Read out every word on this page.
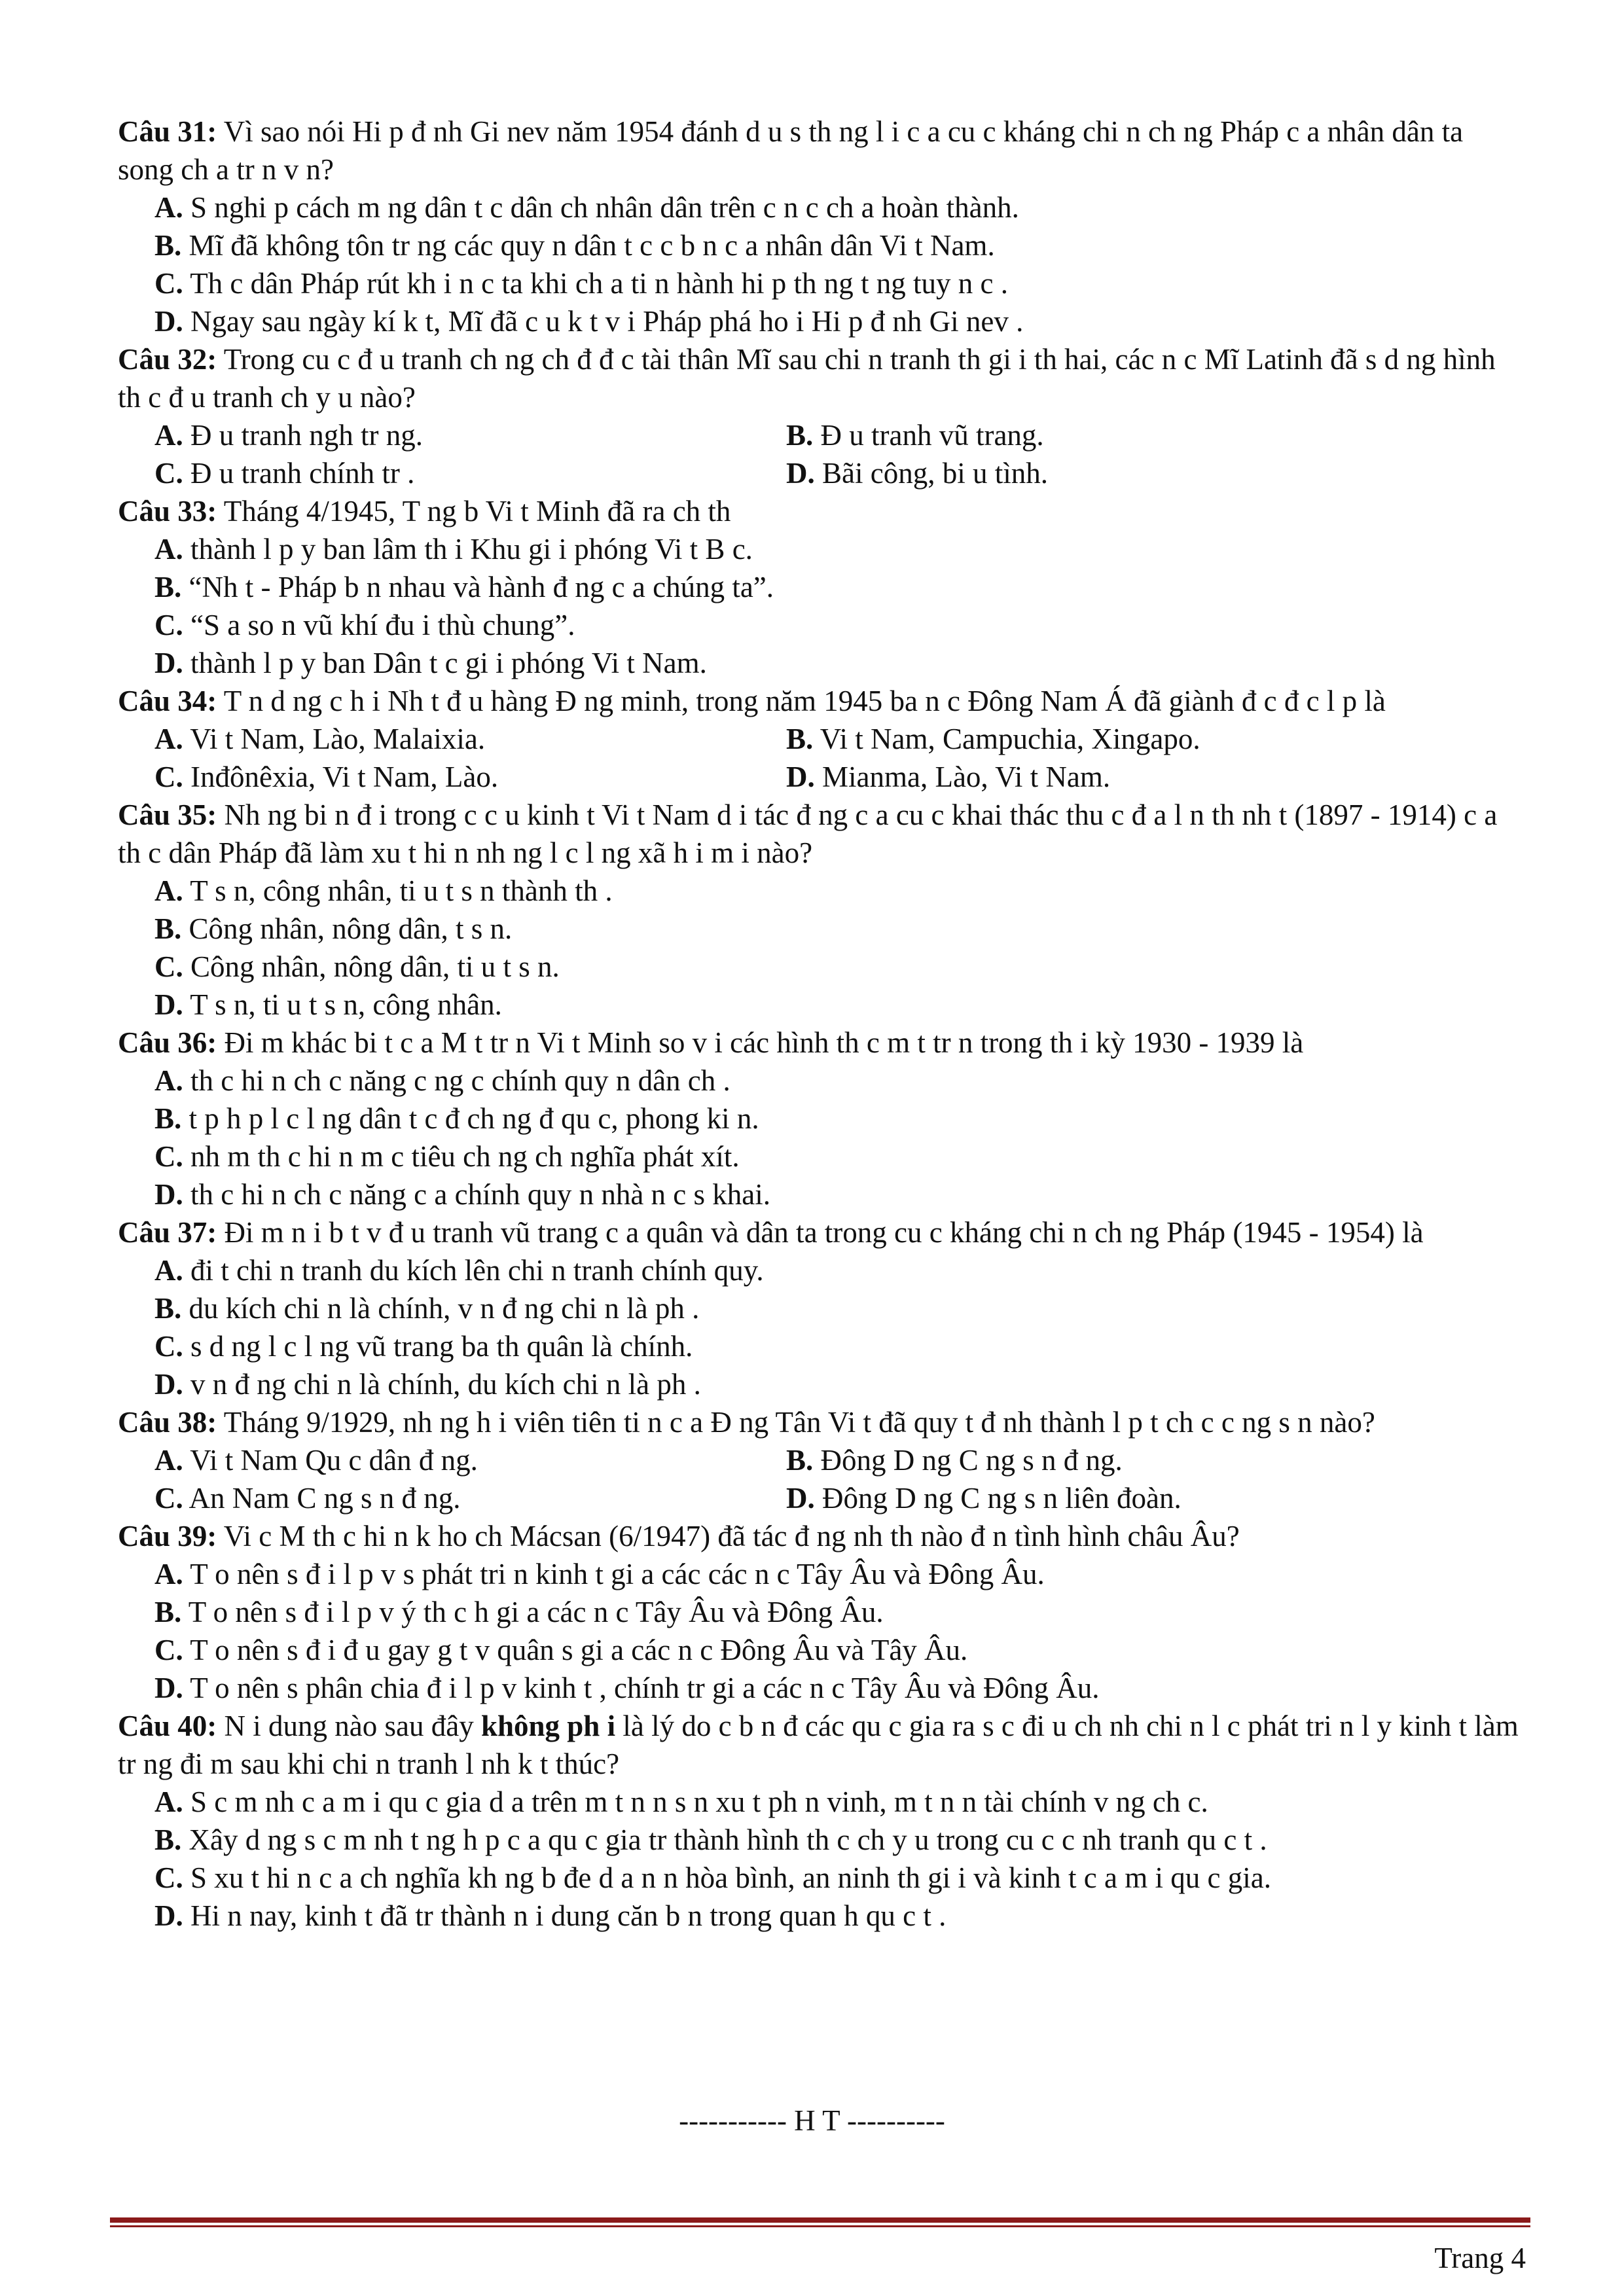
Câu 31: Vì sao nói Hi p đ nh Gi nev năm 1954 đánh d u s th ng l i c a cu c kháng chi n ch ng Pháp c a nhân dân ta song ch a tr n v n?

A. S nghi p cách m ng dân t c dân ch nhân dân trên c n c ch a hoàn thành.

B. Mĩ đã không tôn tr ng các quy n dân t c c b n c a nhân dân Vi t Nam.

C. Th c dân Pháp rút kh i n c ta khi ch a ti n hành hi p th ng t ng tuy n c .

D. Ngay sau ngày kí k t, Mĩ đã c u k t v i Pháp phá ho i Hi p đ nh Gi nev .

Câu 32: Trong cu c đ u tranh ch ng ch đ đ c tài thân Mĩ sau chi n tranh th gi i th hai, các n c Mĩ Latinh đã s d ng hình th c đ u tranh ch y u nào?

A. Đ u tranh ngh tr ng.	B. Đ u tranh vũ trang.
C. Đ u tranh chính tr .	D. Bãi công, bi u tình.

Câu 33: Tháng 4/1945, T ng b Vi t Minh đã ra ch th

A. thành l p y ban lâm th i Khu gi i phóng Vi t B c.

B. “Nh t - Pháp b n nhau và hành đ ng c a chúng ta”.

C. “S a so n vũ khí đu i thù chung”.

D. thành l p y ban Dân t c gi i phóng Vi t Nam.

Câu 34: T n d ng c h i Nh t đ u hàng Đ ng minh, trong năm 1945 ba n c Đông Nam Á đã giành đ c đ c l p là

A. Vi t Nam, Lào, Malaixia.	B. Vi t Nam, Campuchia, Xingapo.
C. Inđônêxia, Vi t Nam, Lào.	D. Mianma, Lào, Vi t Nam.

Câu 35: Nh ng bi n đ i trong c c u kinh t Vi t Nam d i tác đ ng c a cu c khai thác thu c đ a l n th nh t (1897 - 1914) c a th c dân Pháp đã làm xu t hi n nh ng l c l ng xã h i m i nào?

A. T s n, công nhân, ti u t s n thành th .

B. Công nhân, nông dân, t s n.

C. Công nhân, nông dân, ti u t s n.

D. T s n, ti u t s n, công nhân.

Câu 36: Đi m khác bi t c a M t tr n Vi t Minh so v i các hình th c m t tr n trong th i kỳ 1930 - 1939 là

A. th c hi n ch c năng c ng c chính quy n dân ch .

B. t p h p l c l ng dân t c đ ch ng đ qu c, phong ki n.

C. nh m th c hi n m c tiêu ch ng ch nghĩa phát xít.

D. th c hi n ch c năng c a chính quy n nhà n c s khai.

Câu 37: Đi m n i b t v đ u tranh vũ trang c a quân và dân ta trong cu c kháng chi n ch ng Pháp (1945 - 1954) là

A. đi t chi n tranh du kích lên chi n tranh chính quy.

B. du kích chi n là chính, v n đ ng chi n là ph .

C. s d ng l c l ng vũ trang ba th quân là chính.

D. v n đ ng chi n là chính, du kích chi n là ph .

Câu 38: Tháng 9/1929, nh ng h i viên tiên ti n c a Đ ng Tân Vi t đã quy t đ nh thành l p t ch c c ng s n nào?

A. Vi t Nam Qu c dân đ ng.	B. Đông D ng C ng s n đ ng.
C. An Nam C ng s n đ ng.	D. Đông D ng C ng s n liên đoàn.

Câu 39: Vi c M th c hi n k ho ch Mácsan (6/1947) đã tác đ ng nh th nào đ n tình hình châu Âu?

A. T o nên s đ i l p v s phát tri n kinh t gi a các các n c Tây Âu và Đông Âu.

B. T o nên s đ i l p v ý th c h gi a các n c Tây Âu và Đông Âu.

C. T o nên s đ i đ u gay g t v quân s gi a các n c Đông Âu và Tây Âu.

D. T o nên s phân chia đ i l p v kinh t , chính tr gi a các n c Tây Âu và Đông Âu.

Câu 40: N i dung nào sau đây không ph i là lý do c b n đ các qu c gia ra s c đi u ch nh chi n l c phát tri n l y kinh t làm tr ng đi m sau khi chi n tranh l nh k t thúc?

A. S c m nh c a m i qu c gia d a trên m t n n s n xu t ph n vinh, m t n n tài chính v ng ch c.

B. Xây d ng s c m nh t ng h p c a qu c gia tr thành hình th c ch y u trong cu c c nh tranh qu c t .

C. S xu t hi n c a ch nghĩa kh ng b đe d a n n hòa bình, an ninh th gi i và kinh t c a m i qu c gia.

D. Hi n nay, kinh t đã tr thành n i dung căn b n trong quan h qu c t .

----------- H T ----------
Trang 4
